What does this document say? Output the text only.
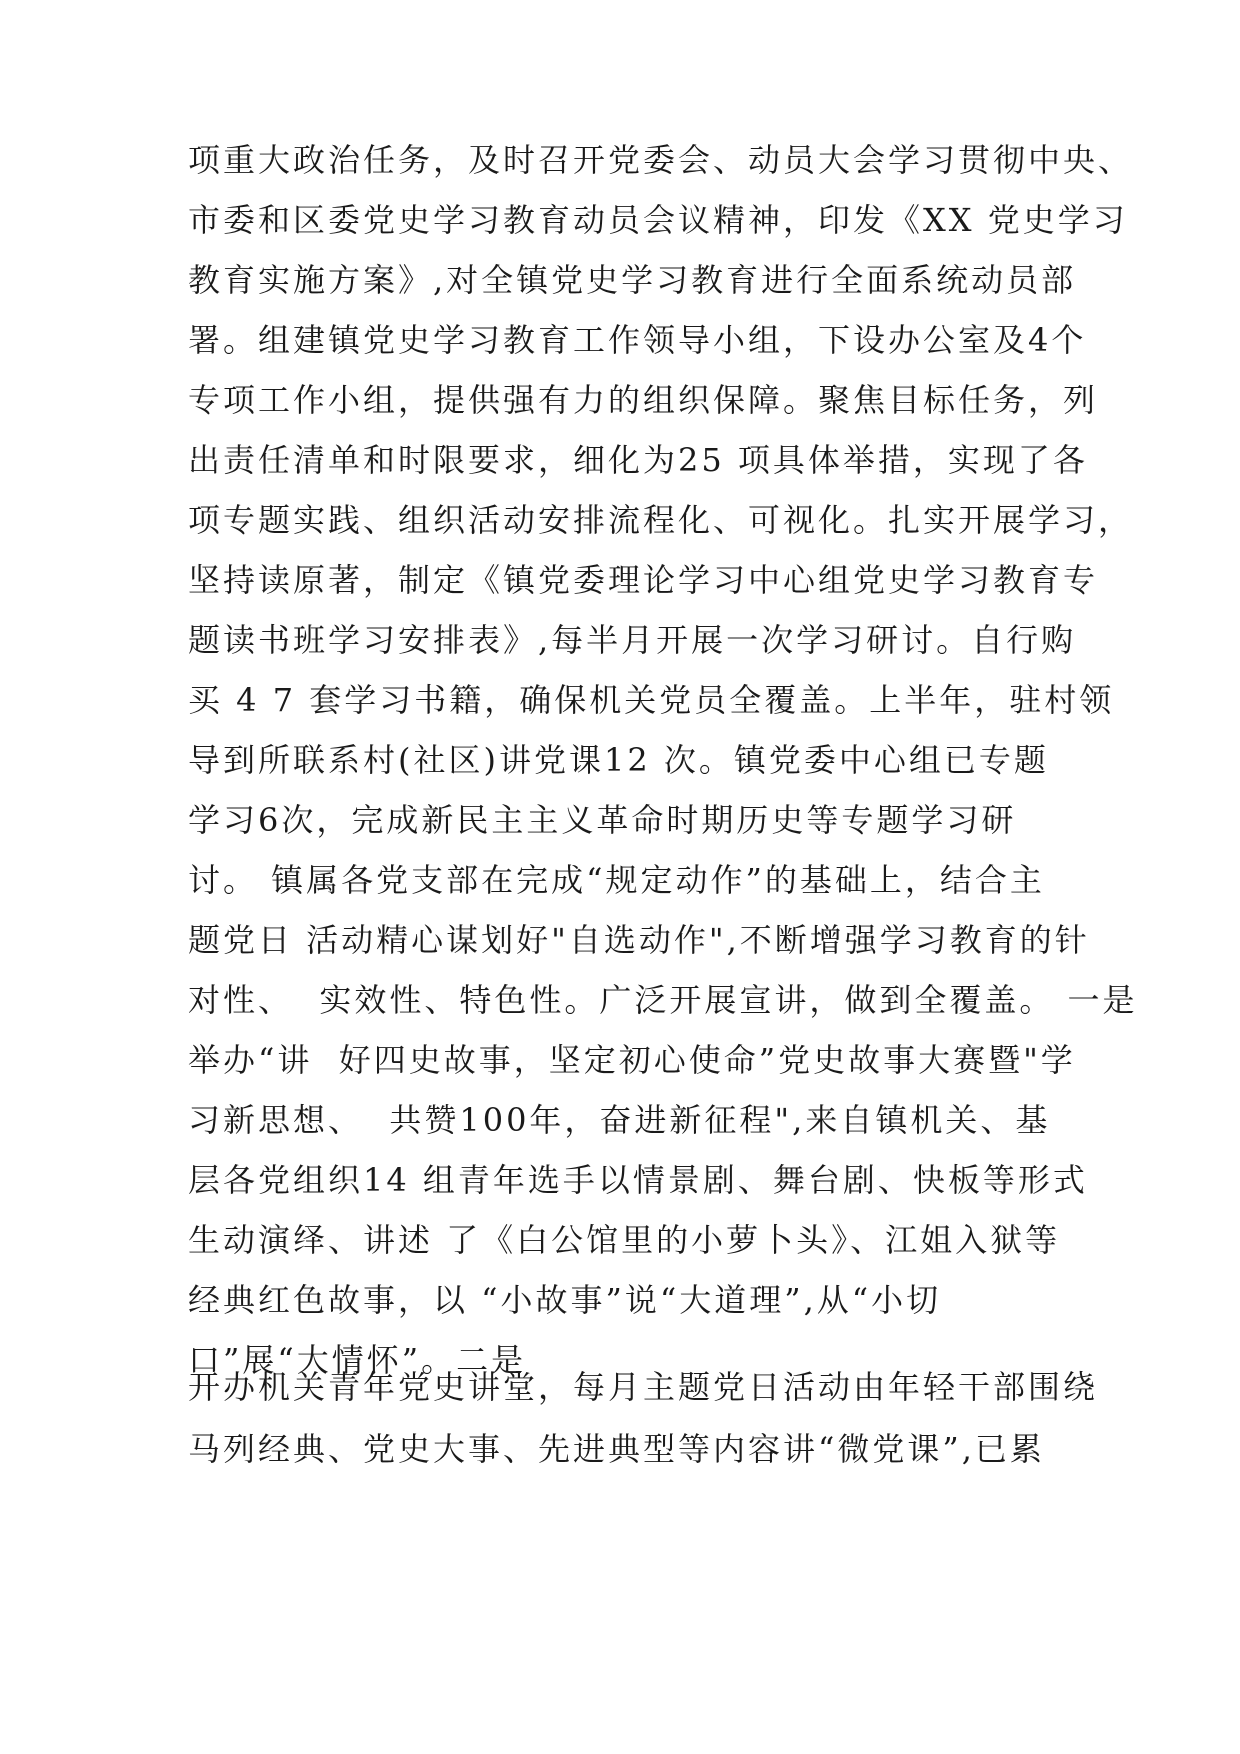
项重大政治任务，及时召开党委会、动员大会学习贯彻中央、
市委和区委党史学习教育动员会议精神，印发《XX 党史学习
教育实施方案》,对全镇党史学习教育进行全面系统动员部
署。组建镇党史学习教育工作领导小组，下设办公室及4个
专项工作小组，提供强有力的组织保障。聚焦目标任务，列
出责任清单和时限要求，细化为25 项具体举措，实现了各
项专题实践、组织活动安排流程化、可视化。扎实开展学习，
坚持读原著，制定《镇党委理论学习中心组党史学习教育专
题读书班学习安排表》,每半月开展一次学习研讨。自行购
买 4 7 套学习书籍，确保机关党员全覆盖。上半年，驻村领
导到所联系村(社区)讲党课12 次。镇党委中心组已专题
学习6次，完成新民主主义革命时期历史等专题学习研
讨。 镇属各党支部在完成“规定动作”的基础上，结合主
题党日 活动精心谋划好"自选动作",不断增强学习教育的针
对性、  实效性、特色性。广泛开展宣讲，做到全覆盖。 一是
举办“讲  好四史故事，坚定初心使命”党史故事大赛暨"学
习新思想、  共赞100年，奋进新征程",来自镇机关、基
层各党组织14 组青年选手以情景剧、舞台剧、快板等形式
生动演绎、讲述 了《白公馆里的小萝卜头》、江姐入狱等
经典红色故事，以 “小故事”说“大道理”,从“小切
口”展“大情怀”。二是
开办机关青年党史讲堂，每月主题党日活动由年轻干部围绕
马列经典、党史大事、先进典型等内容讲“微党课”,已累
